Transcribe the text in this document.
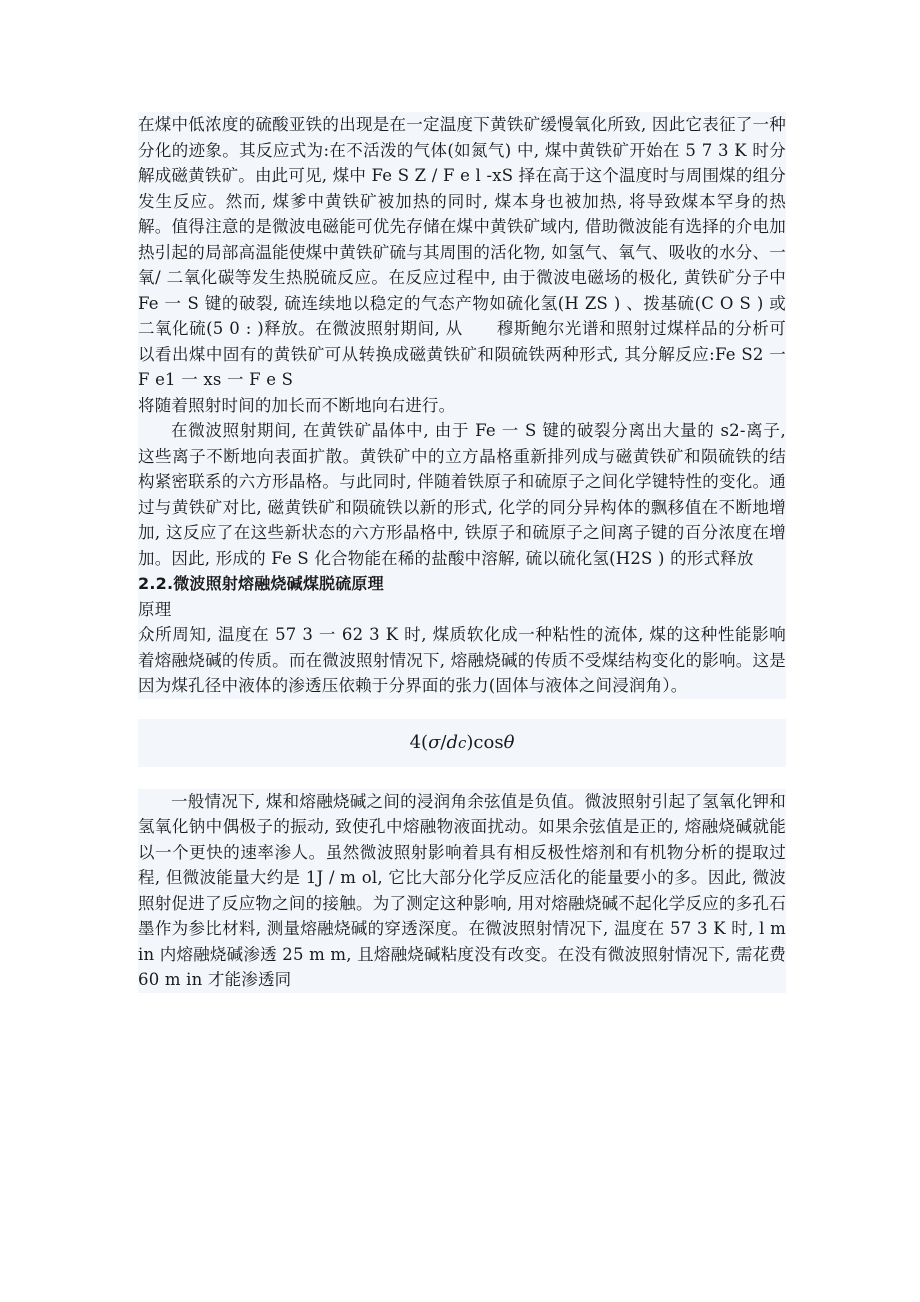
在煤中低浓度的硫酸亚铁的出现是在一定温度下黄铁矿缓慢氧化所致, 因此它表征了一种分化的迹象。其反应式为:在不活泼的气体(如氮气) 中, 煤中黄铁矿开始在 5 7 3 K 时分解成磁黄铁矿。由此可见, 煤中 Fe S Z / F e l -xS 择在高于这个温度时与周围煤的组分发生反应。然而, 煤爹中黄铁矿被加热的同时, 煤本身也被加热, 将导致煤本罕身的热解。值得注意的是微波电磁能可优先存储在煤中黄铁矿域内, 借助微波能有选择的介电加热引起的局部高温能使煤中黄铁矿硫与其周围的活化物, 如氢气、氧气、吸收的水分、一氧/ 二氧化碳等发生热脱硫反应。在反应过程中, 由于微波电磁场的极化, 黄铁矿分子中 Fe 一 S 键的破裂, 硫连续地以稳定的气态产物如硫化氢(H ZS ) 、拨基硫(C O S ) 或二氧化硫(5 0 : )释放。在微波照射期间, 从　　穆斯鲍尔光谱和照射过煤样品的分析可以看出煤中固有的黄铁矿可从转换成磁黄铁矿和陨硫铁两种形式, 其分解反应:Fe S2 一 F e1 一 xs 一 F e S
将随着照射时间的加长而不断地向右进行。
在微波照射期间, 在黄铁矿晶体中, 由于 Fe 一 S 键的破裂分离出大量的 s2-离子, 这些离子不断地向表面扩散。黄铁矿中的立方晶格重新排列成与磁黄铁矿和陨硫铁的结构紧密联系的六方形晶格。与此同时, 伴随着铁原子和硫原子之间化学键特性的变化。通过与黄铁矿对比, 磁黄铁矿和陨硫铁以新的形式, 化学的同分异构体的飘移值在不断地增加, 这反应了在这些新状态的六方形晶格中, 铁原子和硫原子之间离子键的百分浓度在增加。因此, 形成的 Fe S 化合物能在稀的盐酸中溶解, 硫以硫化氢(H2S ) 的形式释放
2.2.微波照射熔融烧碱煤脱硫原理
原理
众所周知, 温度在 57 3 一 62 3 K 时, 煤质软化成一种粘性的流体, 煤的这种性能影响着熔融烧碱的传质。而在微波照射情况下, 熔融烧碱的传质不受煤结构变化的影响。这是因为煤孔径中液体的渗透压依赖于分界面的张力(固体与液体之间浸润角）。
4 ( σ / d c ) cos θ
一般情况下, 煤和熔融烧碱之间的浸润角余弦值是负值。微波照射引起了氢氧化钾和氢氧化钠中偶极子的振动, 致使孔中熔融物液面扰动。如果余弦值是正的, 熔融烧碱就能以一个更快的速率渗人。虽然微波照射影响着具有相反极性熔剂和有机物分析的提取过程, 但微波能量大约是 1J / m ol, 它比大部分化学反应活化的能量要小的多。因此, 微波照射促进了反应物之间的接触。为了测定这种影响, 用对熔融烧碱不起化学反应的多孔石墨作为参比材料, 测量熔融烧碱的穿透深度。在微波照射情况下, 温度在 57 3 K 时, l m in 内熔融烧碱渗透 25 m m, 且熔融烧碱粘度没有改变。在没有微波照射情况下, 需花费 60 m in 才能渗透同
